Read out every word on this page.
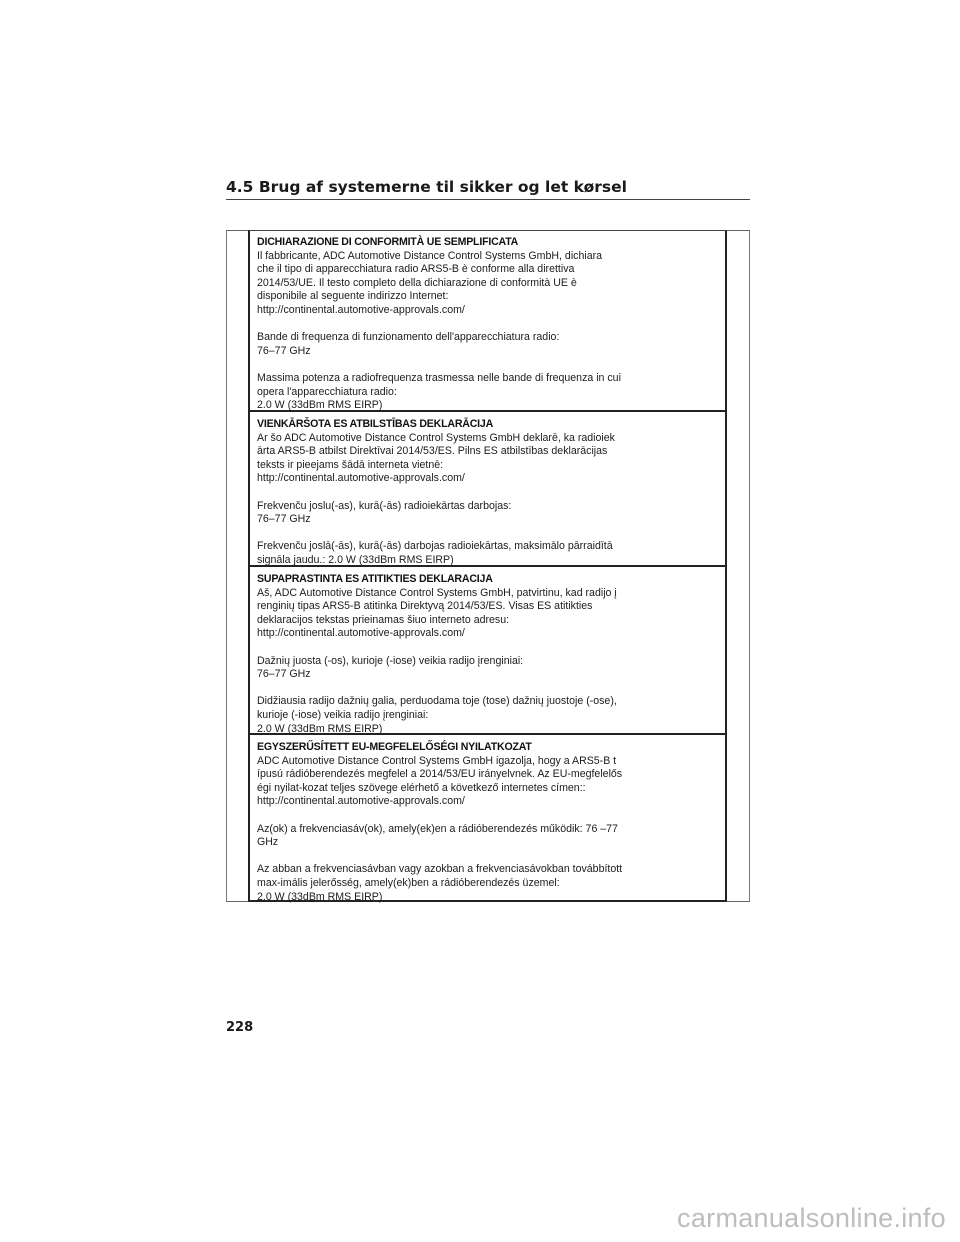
4.5 Brug af systemerne til sikker og let kørsel
DICHIARAZIONE DI CONFORMITÀ UE SEMPLIFICATA

Il fabbricante, ADC Automotive Distance Control Systems GmbH, dichiara
che il tipo di apparecchiatura radio ARS5-B è conforme alla direttiva
2014/53/UE. Il testo completo della dichiarazione di conformità UE è
disponibile al seguente indirizzo Internet:
http://continental.automotive-approvals.com/

Bande di frequenza di funzionamento dell'apparecchiatura radio:
76–77 GHz

Massima potenza a radiofrequenza trasmessa nelle bande di frequenza in cui
opera l'apparecchiatura radio:
2.0 W (33dBm RMS EIRP)

VIENKĀRŠOTA ES ATBILSTĪBAS DEKLARĀCIJA

Ar šo ADC Automotive Distance Control Systems GmbH deklarē, ka radioiek
ārta ARS5-B atbilst Direktīvai 2014/53/ES. Pilns ES atbilstības deklarācijas
teksts ir pieejams šādā interneta vietnē:
http://continental.automotive-approvals.com/

Frekvenču joslu(-as), kurā(-ās) radioiekārtas darbojas:
76–77 GHz

Frekvenču joslā(-ās), kurā(-ās) darbojas radioiekārtas, maksimālo pārraidītā
signāla jaudu.: 2.0 W (33dBm RMS EIRP)

SUPAPRASTINTA ES ATITIKTIES DEKLARACIJA

Aš, ADC Automotive Distance Control Systems GmbH, patvirtinu, kad radijo į
renginių tipas ARS5-B atitinka Direktyvą 2014/53/ES. Visas ES atitikties
deklaracijos tekstas prieinamas šiuo interneto adresu:
http://continental.automotive-approvals.com/

Dažnių juosta (-os), kurioje (-iose) veikia radijo įrenginiai:
76–77 GHz

Didžiausia radijo dažnių galia, perduodama toje (tose) dažnių juostoje (-ose),
kurioje (-iose) veikia radijo įrenginiai:
2.0 W (33dBm RMS EIRP)

EGYSZERŰSÍTETT EU-MEGFELELŐSÉGI NYILATKOZAT

ADC Automotive Distance Control Systems GmbH igazolja, hogy a ARS5-B t
ípusú rádióberendezés megfelel a 2014/53/EU irányelvnek. Az EU-megfelelős
égi nyilat-kozat teljes szövege elérhető a következő internetes címen::
http://continental.automotive-approvals.com/

Az(ok) a frekvenciasáv(ok), amely(ek)en a rádióberendezés működik: 76 –77
GHz

Az abban a frekvenciasávban vagy azokban a frekvenciasávokban továbbított
max-imális jelerősség, amely(ek)ben a rádióberendezés üzemel:
2.0 W (33dBm RMS EIRP)

228
carmanualsonline.info
